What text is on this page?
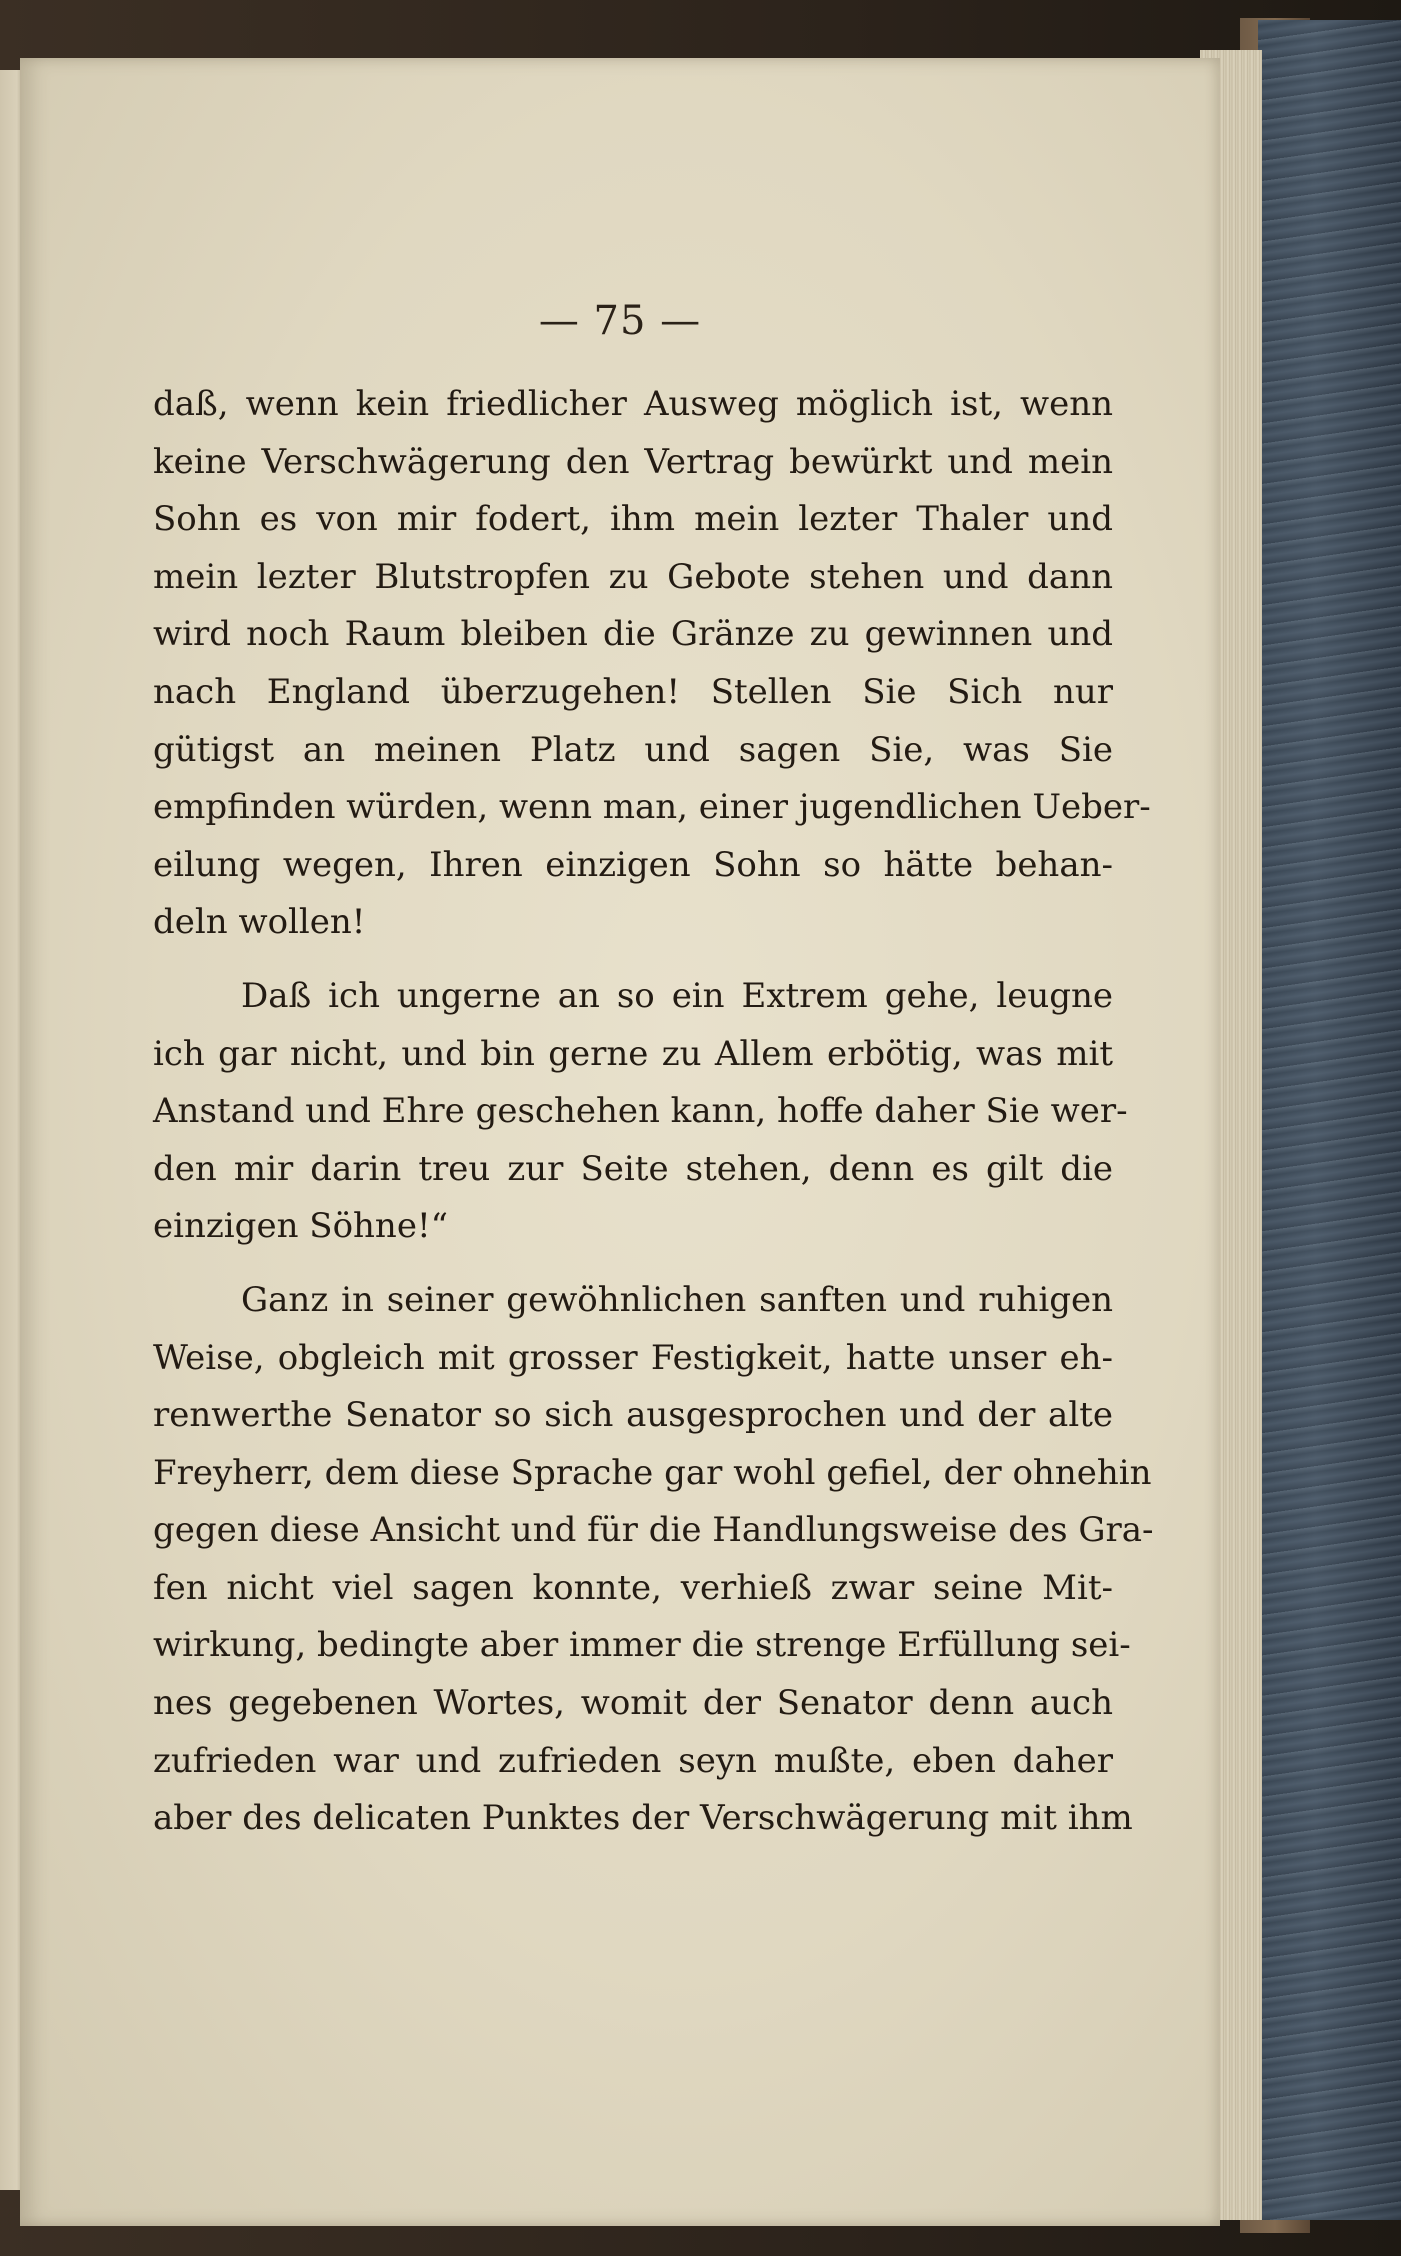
— 75 —
daß, wenn kein friedlicher Ausweg möglich ist, wenn
keine Verschwägerung den Vertrag bewürkt und mein
Sohn es von mir fodert, ihm mein lezter Thaler und
mein lezter Blutstropfen zu Gebote stehen und dann
wird noch Raum bleiben die Gränze zu gewinnen und
nach England überzugehen! Stellen Sie Sich nur
gütigst an meinen Platz und sagen Sie, was Sie
empfinden würden, wenn man, einer jugendlichen Ueber-
eilung wegen, Ihren einzigen Sohn so hätte behan-
deln wollen!
Daß ich ungerne an so ein Extrem gehe, leugne
ich gar nicht, und bin gerne zu Allem erbötig, was mit
Anstand und Ehre geschehen kann, hoffe daher Sie wer-
den mir darin treu zur Seite stehen, denn es gilt die
einzigen Söhne!“
Ganz in seiner gewöhnlichen sanften und ruhigen
Weise, obgleich mit grosser Festigkeit, hatte unser eh-
renwerthe Senator so sich ausgesprochen und der alte
Freyherr, dem diese Sprache gar wohl gefiel, der ohnehin
gegen diese Ansicht und für die Handlungsweise des Gra-
fen nicht viel sagen konnte, verhieß zwar seine Mit-
wirkung, bedingte aber immer die strenge Erfüllung sei-
nes gegebenen Wortes, womit der Senator denn auch
zufrieden war und zufrieden seyn mußte, eben daher
aber des delicaten Punktes der Verschwägerung mit ihm
